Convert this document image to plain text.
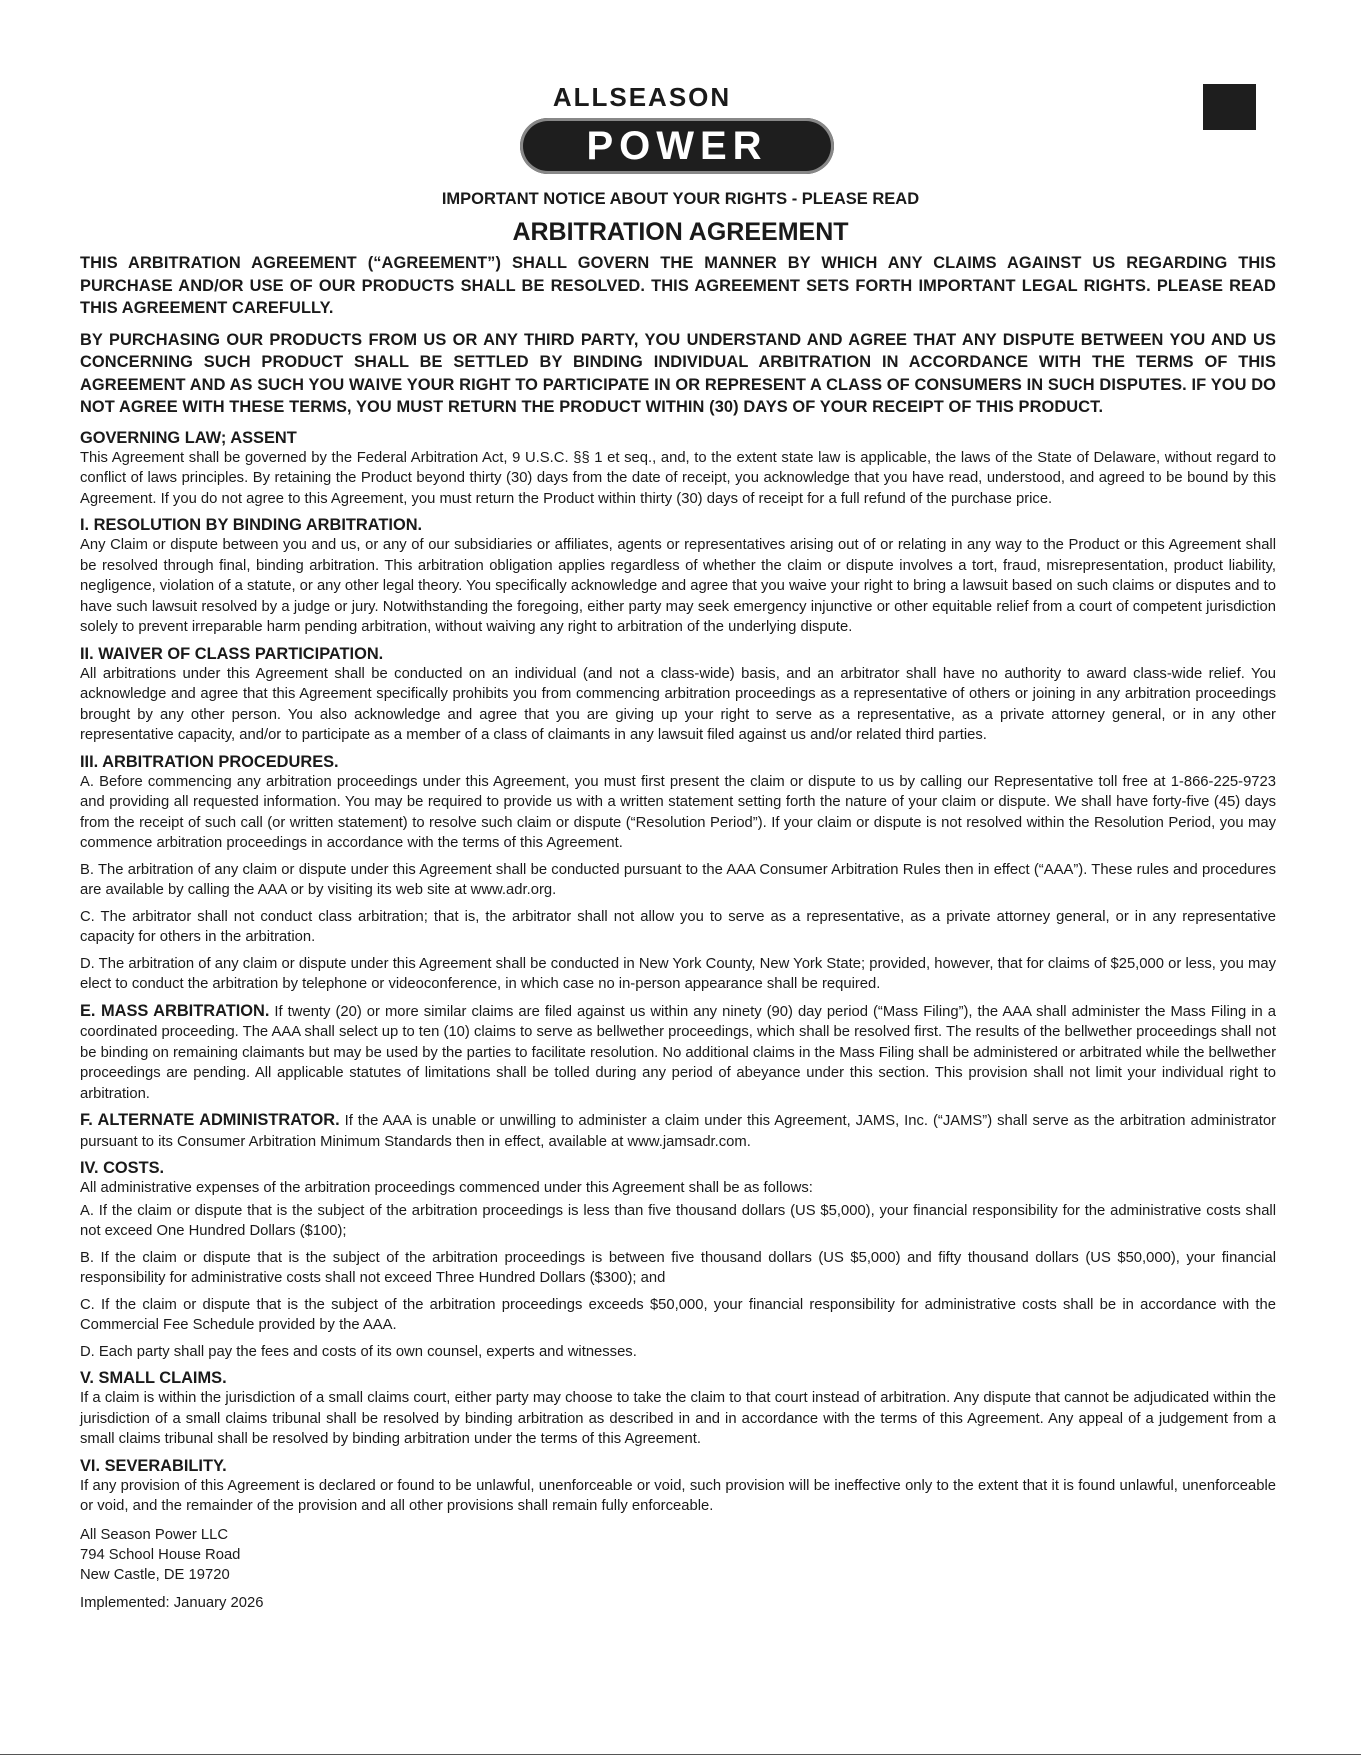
ALLSEASON
POWER
IMPORTANT NOTICE ABOUT YOUR RIGHTS - PLEASE READ
ARBITRATION AGREEMENT

THIS ARBITRATION AGREEMENT (“AGREEMENT”) SHALL GOVERN THE MANNER BY WHICH ANY CLAIMS AGAINST US REGARDING THIS PURCHASE AND/OR USE OF OUR PRODUCTS SHALL BE RESOLVED. THIS AGREEMENT SETS FORTH IMPORTANT LEGAL RIGHTS. PLEASE READ THIS AGREEMENT CAREFULLY.

BY PURCHASING OUR PRODUCTS FROM US OR ANY THIRD PARTY, YOU UNDERSTAND AND AGREE THAT ANY DISPUTE BETWEEN YOU AND US CONCERNING SUCH PRODUCT SHALL BE SETTLED BY BINDING INDIVIDUAL ARBITRATION IN ACCORDANCE WITH THE TERMS OF THIS AGREEMENT AND AS SUCH YOU WAIVE YOUR RIGHT TO PARTICIPATE IN OR REPRESENT A CLASS OF CONSUMERS IN SUCH DISPUTES. IF YOU DO NOT AGREE WITH THESE TERMS, YOU MUST RETURN THE PRODUCT WITHIN (30) DAYS OF YOUR RECEIPT OF THIS PRODUCT.

GOVERNING LAW; ASSENT

This Agreement shall be governed by the Federal Arbitration Act, 9 U.S.C. §§ 1 et seq., and, to the extent state law is applicable, the laws of the State of Delaware, without regard to conflict of laws principles. By retaining the Product beyond thirty (30) days from the date of receipt, you acknowledge that you have read, understood, and agreed to be bound by this Agreement. If you do not agree to this Agreement, you must return the Product within thirty (30) days of receipt for a full refund of the purchase price.

I. RESOLUTION BY BINDING ARBITRATION.

Any Claim or dispute between you and us, or any of our subsidiaries or affiliates, agents or representatives arising out of or relating in any way to the Product or this Agreement shall be resolved through final, binding arbitration. This arbitration obligation applies regardless of whether the claim or dispute involves a tort, fraud, misrepresentation, product liability, negligence, violation of a statute, or any other legal theory. You specifically acknowledge and agree that you waive your right to bring a lawsuit based on such claims or disputes and to have such lawsuit resolved by a judge or jury. Notwithstanding the foregoing, either party may seek emergency injunctive or other equitable relief from a court of competent jurisdiction solely to prevent irreparable harm pending arbitration, without waiving any right to arbitration of the underlying dispute.

II. WAIVER OF CLASS PARTICIPATION.

All arbitrations under this Agreement shall be conducted on an individual (and not a class-wide) basis, and an arbitrator shall have no authority to award class-wide relief. You acknowledge and agree that this Agreement specifically prohibits you from commencing arbitration proceedings as a representative of others or joining in any arbitration proceedings brought by any other person. You also acknowledge and agree that you are giving up your right to serve as a representative, as a private attorney general, or in any other representative capacity, and/or to participate as a member of a class of claimants in any lawsuit filed against us and/or related third parties.

III. ARBITRATION PROCEDURES.

A. Before commencing any arbitration proceedings under this Agreement, you must first present the claim or dispute to us by calling our Representative toll free at 1-866-225-9723 and providing all requested information. You may be required to provide us with a written statement setting forth the nature of your claim or dispute. We shall have forty-five (45) days from the receipt of such call (or written statement) to resolve such claim or dispute (“Resolution Period”). If your claim or dispute is not resolved within the Resolution Period, you may commence arbitration proceedings in accordance with the terms of this Agreement.

B. The arbitration of any claim or dispute under this Agreement shall be conducted pursuant to the AAA Consumer Arbitration Rules then in effect (“AAA”). These rules and procedures are available by calling the AAA or by visiting its web site at www.adr.org.

C. The arbitrator shall not conduct class arbitration; that is, the arbitrator shall not allow you to serve as a representative, as a private attorney general, or in any representative capacity for others in the arbitration.

D. The arbitration of any claim or dispute under this Agreement shall be conducted in New York County, New York State; provided, however, that for claims of $25,000 or less, you may elect to conduct the arbitration by telephone or videoconference, in which case no in-person appearance shall be required.

E. MASS ARBITRATION. If twenty (20) or more similar claims are filed against us within any ninety (90) day period (“Mass Filing”), the AAA shall administer the Mass Filing in a coordinated proceeding. The AAA shall select up to ten (10) claims to serve as bellwether proceedings, which shall be resolved first. The results of the bellwether proceedings shall not be binding on remaining claimants but may be used by the parties to facilitate resolution. No additional claims in the Mass Filing shall be administered or arbitrated while the bellwether proceedings are pending. All applicable statutes of limitations shall be tolled during any period of abeyance under this section. This provision shall not limit your individual right to arbitration.

F. ALTERNATE ADMINISTRATOR. If the AAA is unable or unwilling to administer a claim under this Agreement, JAMS, Inc. (“JAMS”) shall serve as the arbitration administrator pursuant to its Consumer Arbitration Minimum Standards then in effect, available at www.jamsadr.com.

IV. COSTS.

All administrative expenses of the arbitration proceedings commenced under this Agreement shall be as follows:

A. If the claim or dispute that is the subject of the arbitration proceedings is less than five thousand dollars (US $5,000), your financial responsibility for the administrative costs shall not exceed One Hundred Dollars ($100);

B. If the claim or dispute that is the subject of the arbitration proceedings is between five thousand dollars (US $5,000) and fifty thousand dollars (US $50,000), your financial responsibility for administrative costs shall not exceed Three Hundred Dollars ($300); and

C. If the claim or dispute that is the subject of the arbitration proceedings exceeds $50,000, your financial responsibility for administrative costs shall be in accordance with the Commercial Fee Schedule provided by the AAA.

D. Each party shall pay the fees and costs of its own counsel, experts and witnesses.

V. SMALL CLAIMS.

If a claim is within the jurisdiction of a small claims court, either party may choose to take the claim to that court instead of arbitration. Any dispute that cannot be adjudicated within the jurisdiction of a small claims tribunal shall be resolved by binding arbitration as described in and in accordance with the terms of this Agreement. Any appeal of a judgement from a small claims tribunal shall be resolved by binding arbitration under the terms of this Agreement.

VI. SEVERABILITY.

If any provision of this Agreement is declared or found to be unlawful, unenforceable or void, such provision will be ineffective only to the extent that it is found unlawful, unenforceable or void, and the remainder of the provision and all other provisions shall remain fully enforceable.

All Season Power LLC
794 School House Road
New Castle, DE 19720
Implemented: January 2026
